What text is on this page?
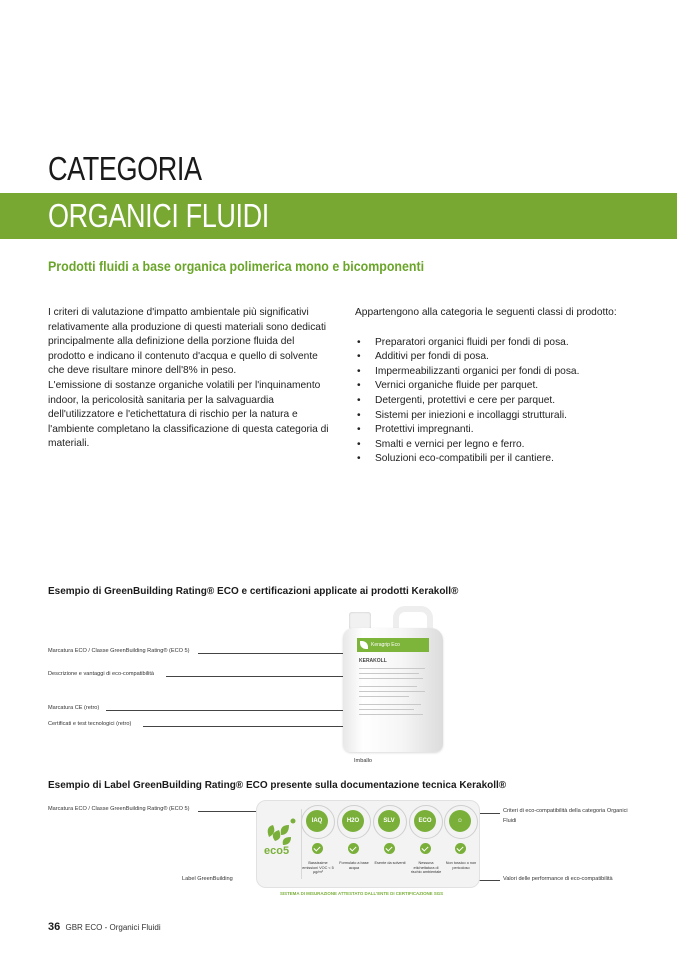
CATEGORIA
ORGANICI FLUIDI
Prodotti fluidi a base organica polimerica mono e bicomponenti

I criteri di valutazione d'impatto ambientale più significativi relativamente alla produzione di questi materiali sono dedicati principalmente alla definizione della porzione fluida del prodotto e indicano il contenuto d'acqua e quello di solvente che deve risultare minore dell'8% in peso.

L'emissione di sostanze organiche volatili per l'inquinamento indoor, la pericolosità sanitaria per la salvaguardia dell'utilizzatore e l'etichettatura di rischio per la natura e l'ambiente completano la classificazione di questa categoria di materiali.

Appartengono alla categoria le seguenti classi di prodotto:

• Preparatori organici fluidi per fondi di posa.
• Additivi per fondi di posa.
• Impermeabilizzanti organici per fondi di posa.
• Vernici organiche fluide per parquet.
• Detergenti, protettivi e cere per parquet.
• Sistemi per iniezioni e incollaggi strutturali.
• Protettivi impregnanti.
• Smalti e vernici per legno e ferro.
• Soluzioni eco-compatibili per il cantiere.
Esempio di GreenBuilding Rating® ECO e certificazioni applicate ai prodotti Kerakoll®
Marcatura ECO / Classe GreenBuilding Rating® (ECO 5)
Descrizione e vantaggi di eco-compatibilità
Marcatura CE (retro)
Certificati e test tecnologici (retro)
Keragrip Eco
KERAKOLL
Imballo
Esempio di Label GreenBuilding Rating® ECO presente sulla documentazione tecnica Kerakoll®
Marcatura ECO / Classe GreenBuilding Rating® (ECO 5)
Label GreenBuilding
Criteri di eco-compatibilità della categoria Organici Fluidi
Valori delle performance di eco-compatibilità
eco5
IAQ	H2O	SLV	ECO	☺
Bassissime emissioni VOC < 5 µg/m³
Formulato a base acqua
Esente da solventi	Nessuna etichettatura di rischio ambientale
Non tossico o non pericoloso
SISTEMA DI MISURAZIONE ATTESTATO DALL'ENTE DI CERTIFICAZIONE SGS
36 GBR ECO - Organici Fluidi
